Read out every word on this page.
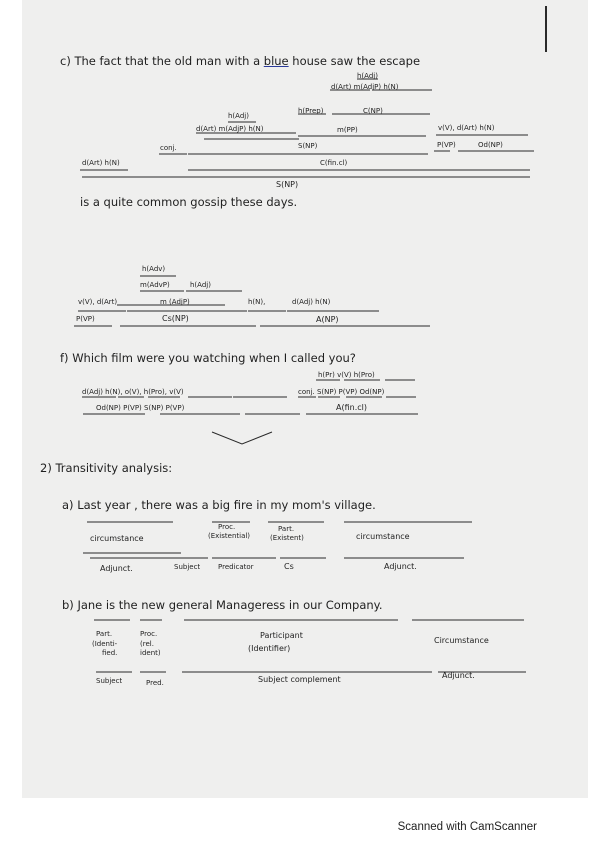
c) The fact that the old man with a blue house saw the escape
h(Adj)
d(Art) m(AdjP) h(N)
h(Prep)	C(NP)
h(Adj)
d(Art) m(AdjP) h(N)	m(PP)	v(V), d(Art) h(N)
conj.	S(NP)	P(VP)	Od(NP)
d(Art) h(N)	C(fin.cl)
S(NP)
is a quite common gossip these days.
h(Adv)
m(AdvP)	h(Adj)
v(V), d(Art)	m (AdjP)	h(N),	d(Adj) h(N)
P(VP)	Cs(NP)	A(NP)
f) Which film were you watching when I called you?
h(Pr) v(V) h(Pro)
d(Adj) h(N), o(V), h(Pro), v(V)	conj. S(NP) P(VP) Od(NP)
Od(NP) P(VP) S(NP) P(VP)	A(fin.cl)
2) Transitivity analysis:
a) Last year , there was a big fire in my mom's village.
Proc.
(Existential)
Part.
(Existent)
circumstance	circumstance
Adjunct.	Subject	Predicator	Cs	Adjunct.
b) Jane is the new general Manageress in our Company.
Part.
(Identi-
fied.
Proc.
(rel.
ident)
Participant
(Identifier)
Circumstance
Subject	Pred.	Subject complement	Adjunct.
Scanned with CamScanner
